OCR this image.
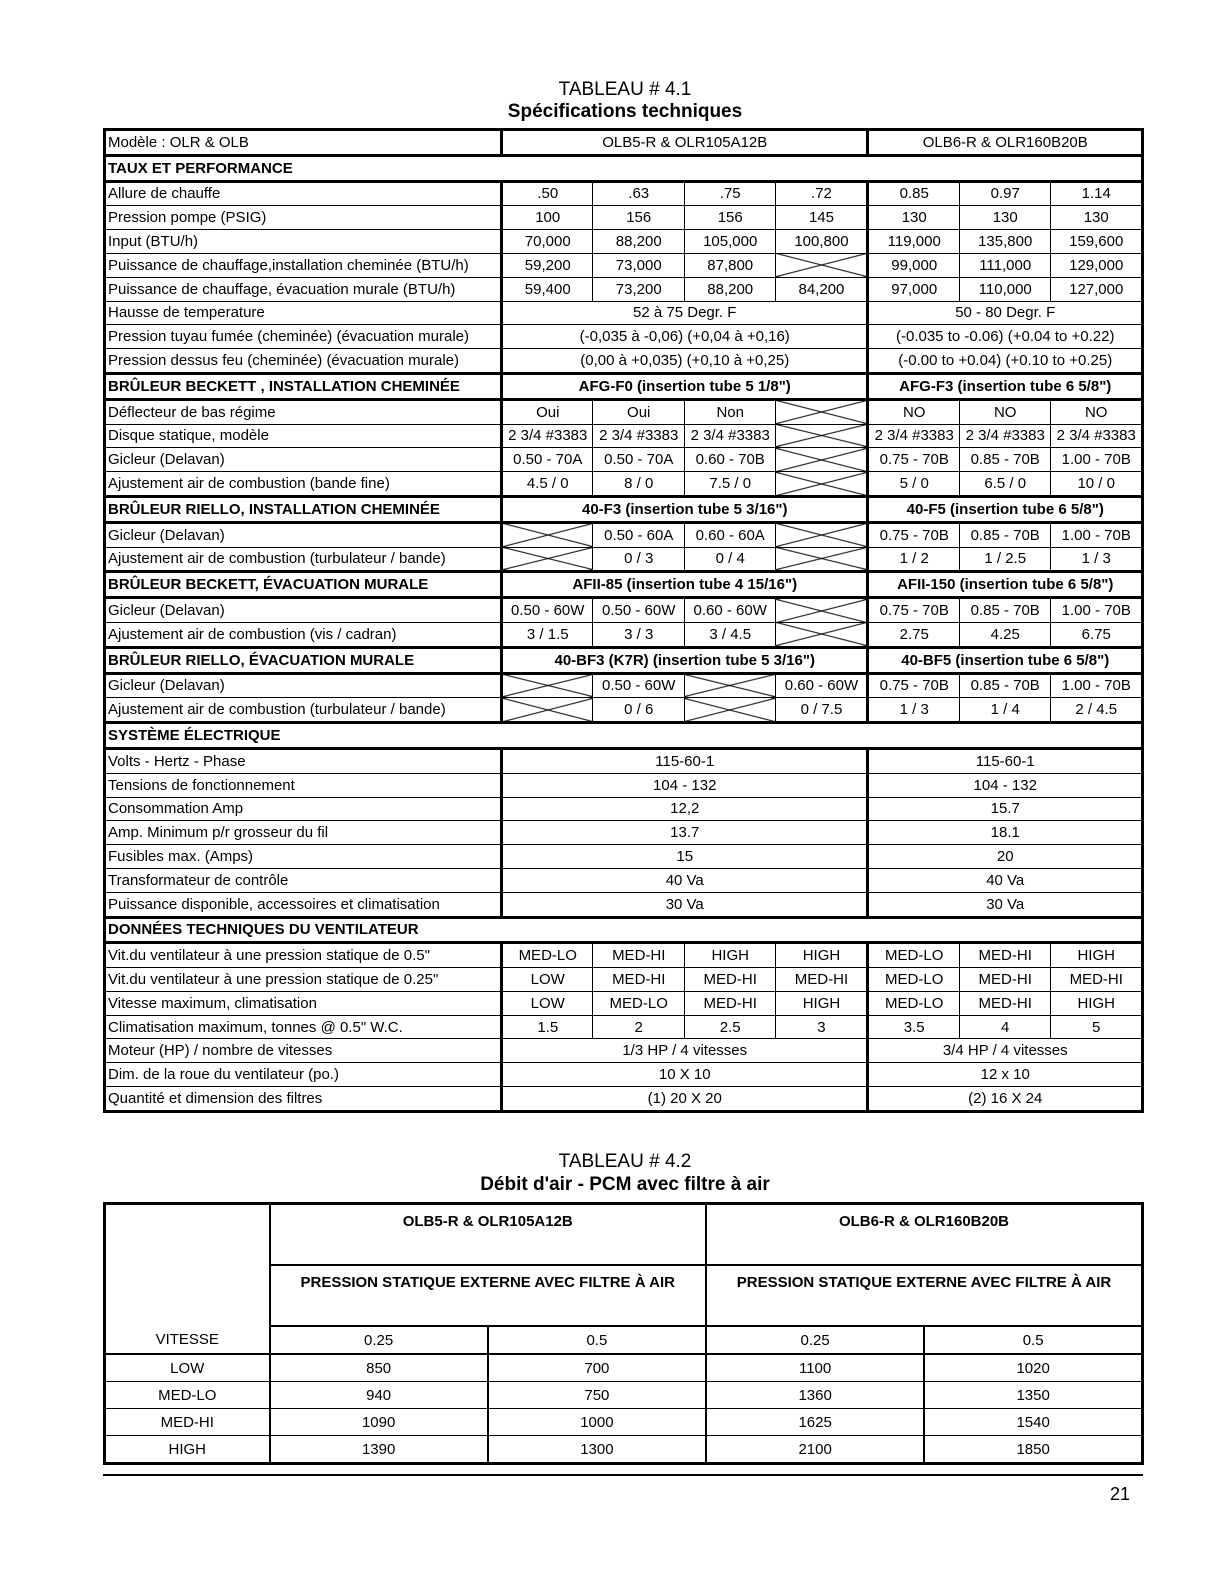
TABLEAU # 4.1
Spécifications techniques
Modèle : OLR & OLB	OLB5-R & OLR105A12B				OLB6-R & OLR160B20B		
TAUX ET PERFORMANCE							
Allure de chauffe	.50	.63	.75	.72	0.85	0.97	1.14
Pression pompe (PSIG)	100	156	156	145	130	130	130
Input (BTU/h)	70,000	88,200	105,000	100,800	119,000	135,800	159,600
Puissance de chauffage,installation cheminée (BTU/h)	59,200	73,000	87,800		99,000	111,000	129,000
Puissance de chauffage, évacuation murale (BTU/h)	59,400	73,200	88,200	84,200	97,000	110,000	127,000
Hausse de temperature	52 à 75 Degr. F				50 - 80 Degr. F		
Pression tuyau fumée (cheminée) (évacuation murale)	(-0,035 à -0,06) (+0,04 à +0,16)				(-0.035 to -0.06) (+0.04 to +0.22)		
Pression dessus feu (cheminée) (évacuation murale)	(0,00 à +0,035) (+0,10 à +0,25)				(-0.00 to +0.04) (+0.10 to +0.25)		
BRÛLEUR BECKETT , INSTALLATION CHEMINÉE	AFG-F0 (insertion tube 5 1/8")				AFG-F3 (insertion tube 6 5/8")		
Déflecteur de bas régime	Oui	Oui	Non		NO	NO	NO
Disque statique, modèle	2 3/4 #3383	2 3/4 #3383	2 3/4 #3383		2 3/4 #3383	2 3/4 #3383	2 3/4 #3383
Gicleur (Delavan)	0.50 - 70A	0.50 - 70A	0.60 - 70B		0.75 - 70B	0.85 - 70B	1.00 - 70B
Ajustement air de combustion (bande fine)	4.5 / 0	8 / 0	7.5 / 0		5 / 0	6.5 / 0	10 / 0
BRÛLEUR RIELLO, INSTALLATION CHEMINÉE	40-F3 (insertion tube 5 3/16")				40-F5 (insertion tube 6 5/8")		
Gicleur (Delavan)		0.50 - 60A	0.60 - 60A		0.75 - 70B	0.85 - 70B	1.00 - 70B
Ajustement air de combustion (turbulateur / bande)		0 / 3	0 / 4		1 / 2	1 / 2.5	1 / 3
BRÛLEUR BECKETT, ÉVACUATION MURALE	AFII-85 (insertion tube 4 15/16")				AFII-150 (insertion tube 6 5/8")		
Gicleur (Delavan)	0.50 - 60W	0.50 - 60W	0.60 - 60W		0.75 - 70B	0.85 - 70B	1.00 - 70B
Ajustement air de combustion (vis / cadran)	3 / 1.5	3 / 3	3 / 4.5		2.75	4.25	6.75
BRÛLEUR RIELLO, ÉVACUATION MURALE	40-BF3 (K7R) (insertion tube 5 3/16")				40-BF5 (insertion tube 6 5/8")		
Gicleur (Delavan)		0.50 - 60W		0.60 - 60W	0.75 - 70B	0.85 - 70B	1.00 - 70B
Ajustement air de combustion (turbulateur / bande)		0 / 6		0 / 7.5	1 / 3	1 / 4	2 / 4.5
SYSTÈME ÉLECTRIQUE							
Volts - Hertz - Phase	115-60-1				115-60-1		
Tensions de fonctionnement	104 - 132				104 - 132		
Consommation Amp	12,2				15.7		
Amp. Minimum p/r grosseur du fil	13.7				18.1		
Fusibles max. (Amps)	15				20		
Transformateur de contrôle	40 Va				40 Va		
Puissance disponible, accessoires et climatisation	30 Va				30 Va		
DONNÉES TECHNIQUES DU VENTILATEUR							
Vit.du ventilateur à une pression statique de 0.5"	MED-LO	MED-HI	HIGH	HIGH	MED-LO	MED-HI	HIGH
Vit.du ventilateur à une pression statique de 0.25"	LOW	MED-HI	MED-HI	MED-HI	MED-LO	MED-HI	MED-HI
Vitesse maximum, climatisation	LOW	MED-LO	MED-HI	HIGH	MED-LO	MED-HI	HIGH
Climatisation maximum, tonnes @ 0.5" W.C.	1.5	2	2.5	3	3.5	4	5
Moteur (HP) / nombre de vitesses	1/3 HP / 4 vitesses				3/4 HP / 4 vitesses		
Dim. de la roue du ventilateur (po.)	10 X 10				12 x 10		
Quantité et dimension des filtres	(1) 20 X 20				(2) 16 X 24		
TABLEAU # 4.2
Débit d'air - PCM avec filtre à air
	OLB5-R & OLR105A12B		OLB6-R & OLR160B20B	
	PRESSION STATIQUE EXTERNE AVEC FILTRE À AIR		PRESSION STATIQUE EXTERNE AVEC FILTRE À AIR	
VITESSE	0.25	0.5	0.25	0.5
LOW	850	700	1100	1020
MED-LO	940	750	1360	1350
MED-HI	1090	1000	1625	1540
HIGH	1390	1300	2100	1850
21
